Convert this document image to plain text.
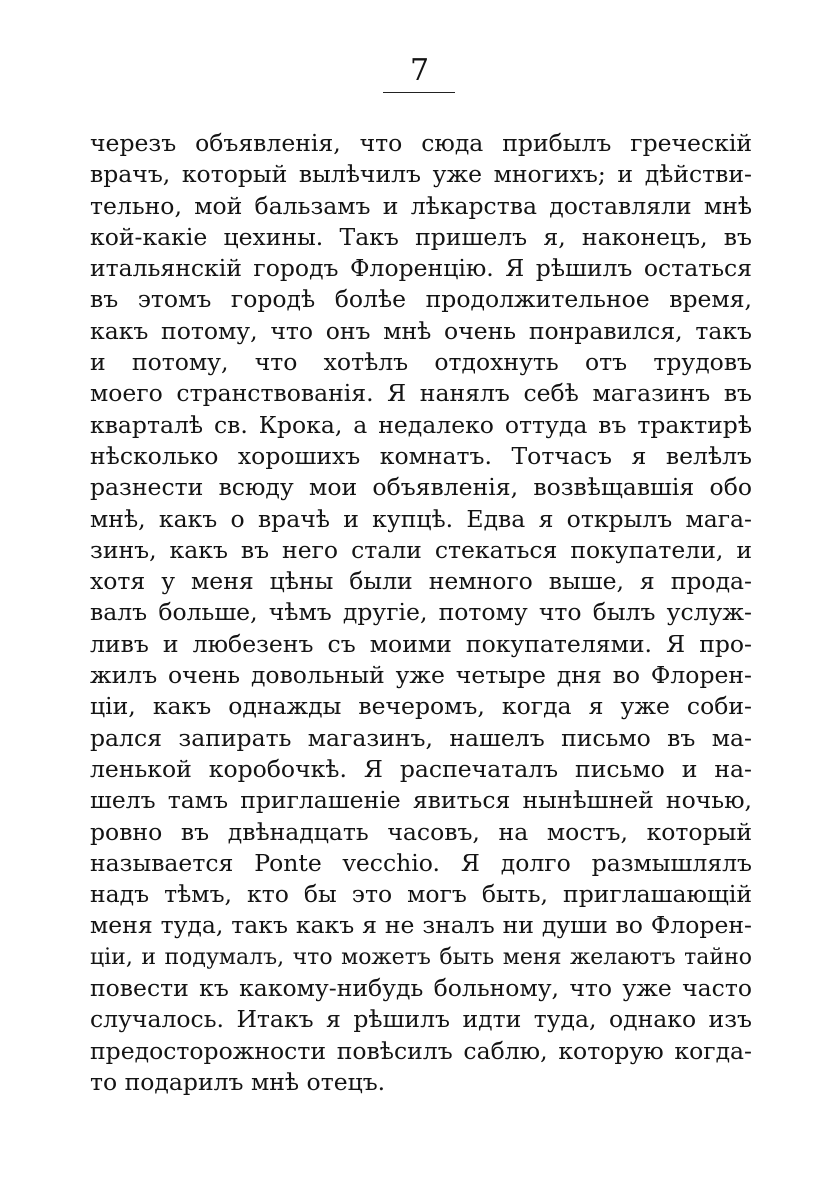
7
черезъ объявленія, что сюда прибылъ греческій
врачъ, который вылѣчилъ уже многихъ; и дѣйстви-
тельно, мой бальзамъ и лѣкарства доставляли мнѣ
кой-какіе цехины. Такъ пришелъ я, наконецъ, въ
итальянскій городъ Флоренцію. Я рѣшилъ остаться
въ этомъ городѣ болѣе продолжительное время,
какъ потому, что онъ мнѣ очень понравился, такъ
и потому, что хотѣлъ отдохнуть отъ трудовъ
моего странствованія. Я нанялъ себѣ магазинъ въ
кварталѣ св. Крока, а недалеко оттуда въ трактирѣ
нѣсколько хорошихъ комнатъ. Тотчасъ я велѣлъ
разнести всюду мои объявленія, возвѣщавшія обо
мнѣ, какъ о врачѣ и купцѣ. Едва я открылъ мага-
зинъ, какъ въ него стали стекаться покупатели, и
хотя у меня цѣны были немного выше, я прода-
валъ больше, чѣмъ другіе, потому что былъ услуж-
ливъ и любезенъ съ моими покупателями. Я про-
жилъ очень довольный уже четыре дня во Флорен-
ціи, какъ однажды вечеромъ, когда я уже соби-
рался запирать магазинъ, нашелъ письмо въ ма-
ленькой коробочкѣ. Я распечаталъ письмо и на-
шелъ тамъ приглашеніе явиться нынѣшней ночью,
ровно въ двѣнадцать часовъ, на мостъ, который
называется Ponte vecchio. Я долго размышлялъ
надъ тѣмъ, кто бы это могъ быть, приглашающій
меня туда, такъ какъ я не зналъ ни души во Флорен-
ціи, и подумалъ, что можетъ быть меня желаютъ тайно
повести къ какому-нибудь больному, что уже часто
случалось. Итакъ я рѣшилъ идти туда, однако изъ
предосторожности повѣсилъ саблю, которую когда-
то подарилъ мнѣ отецъ.
